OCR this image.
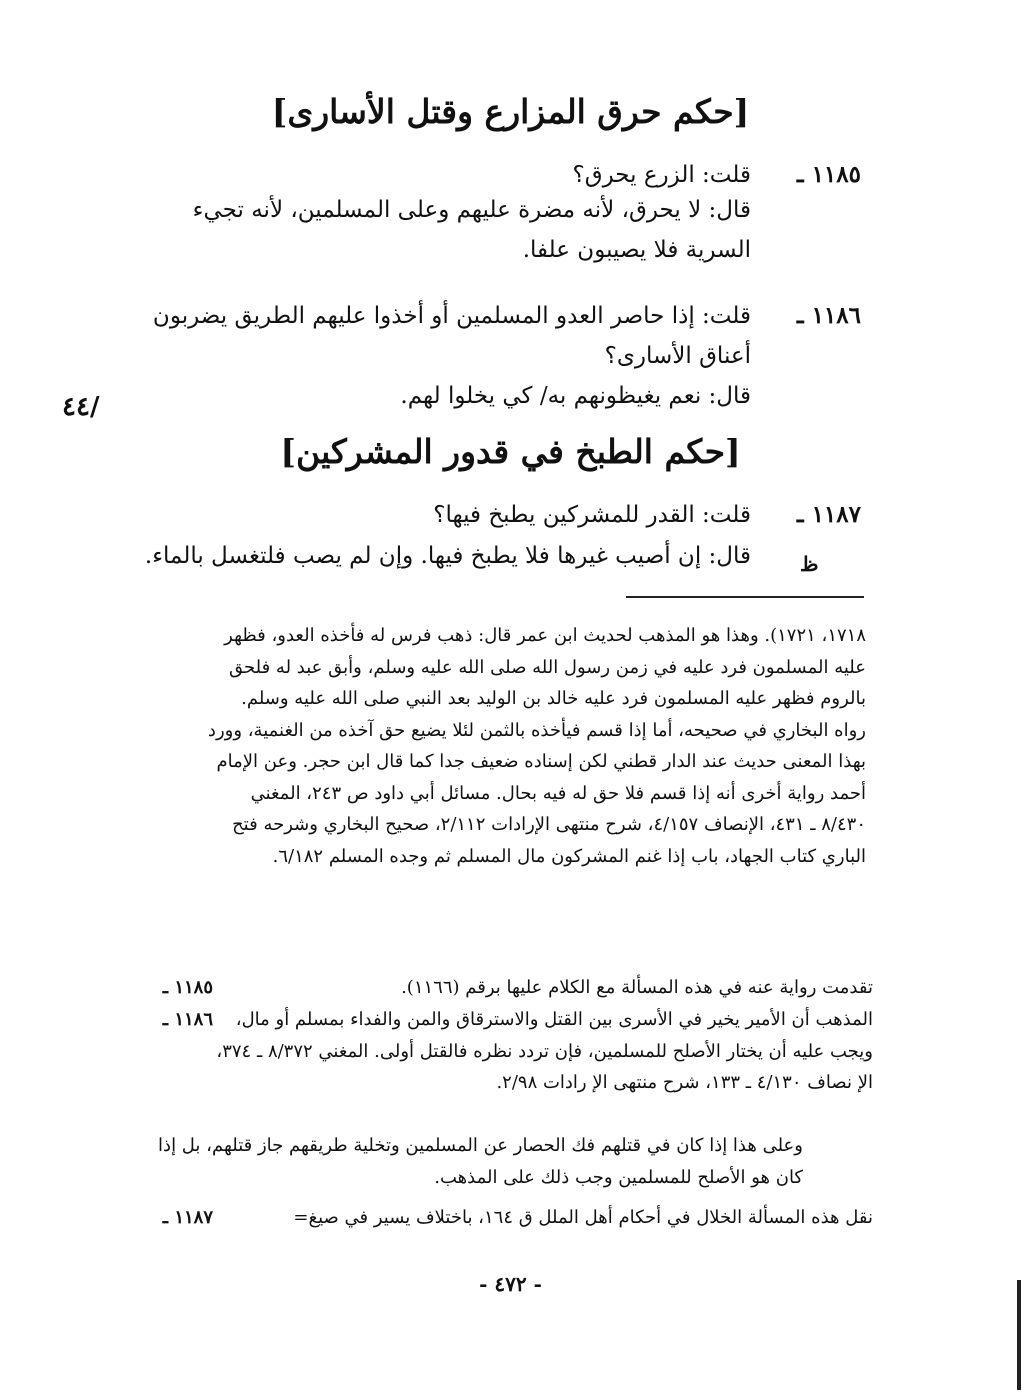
[حكم حرق المزارع وقتل الأسارى]
١١٨٥ ـ
قلت: الزرع يحرق؟
قال: لا يحرق، لأنه مضرة عليهم وعلى المسلمين، لأنه تجيء السرية فلا يصيبون علفا.
١١٨٦ ـ
قلت: إذا حاصر العدو المسلمين أو أخذوا عليهم الطريق يضربون أعناق الأسارى؟
قال: نعم يغيظونهم به/ كي يخلوا لهم.
/٤٤
[حكم الطبخ في قدور المشركين]
١١٨٧ ـ
قلت: القدر للمشركين يطبخ فيها؟
قال: إن أصيب غيرها فلا يطبخ فيها. وإن لم يصب فلتغسل بالماء. ظ
١٧١٨، ١٧٢١). وهذا هو المذهب لحديث ابن عمر قال: ذهب فرس له فأخذه العدو، فظهر عليه المسلمون فرد عليه في زمن رسول الله صلى الله عليه وسلم، وأبق عبد له فلحق بالروم فظهر عليه المسلمون فرد عليه خالد بن الوليد بعد النبي صلى الله عليه وسلم. رواه البخاري في صحيحه، أما إذا قسم فيأخذه بالثمن لئلا يضيع حق آخذه من الغنمية، وورد بهذا المعنى حديث عند الدار قطني لكن إسناده ضعيف جدا كما قال ابن حجر. وعن الإمام أحمد رواية أخرى أنه إذا قسم فلا حق له فيه بحال. مسائل أبي داود ص ٢٤٣، المغني ٨/٤٣٠ ـ ٤٣١، الإنصاف ٤/١٥٧، شرح منتهى الإرادات ٢/١١٢، صحيح البخاري وشرحه فتح الباري كتاب الجهاد، باب إذا غنم المشركون مال المسلم ثم وجده المسلم ٦/١٨٢.
١١٨٥ ـ	تقدمت رواية عنه في هذه المسألة مع الكلام عليها برقم (١١٦٦).
١١٨٦ ـ	المذهب أن الأمير يخير في الأسرى بين القتل والاسترقاق والمن والفداء بمسلم أو مال، ويجب عليه أن يختار الأصلح للمسلمين، فإن تردد نظره فالقتل أولى. المغني ٨/٣٧٢ ـ ٣٧٤، الإ نصاف ٤/١٣٠ ـ ١٣٣، شرح منتهى الإ رادات ٢/٩٨.
وعلى هذا إذا كان في قتلهم فك الحصار عن المسلمين وتخلية طريقهم جاز قتلهم، بل إذا كان هو الأصلح للمسلمين وجب ذلك على المذهب.
١١٨٧ ـ	نقل هذه المسألة الخلال في أحكام أهل الملل ق ١٦٤، باختلاف يسير في صيغ=
- ٤٧٢ -
